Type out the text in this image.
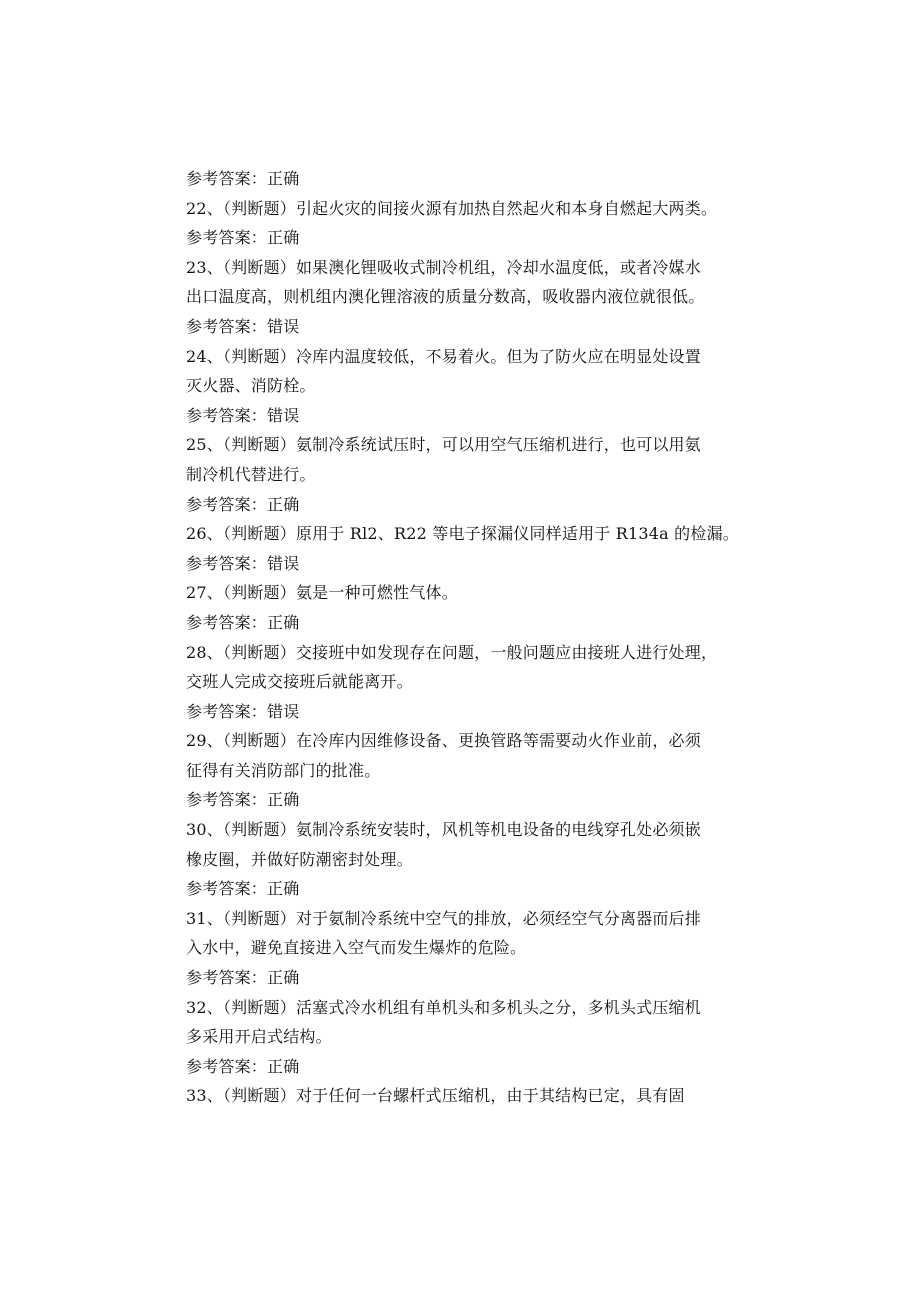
参考答案：正确
22、（判断题）引起火灾的间接火源有加热自然起火和本身自燃起大两类。
参考答案：正确
23、（判断题）如果澳化锂吸收式制冷机组，冷却水温度低，或者冷媒水
出口温度高，则机组内澳化锂溶液的质量分数高，吸收器内液位就很低。
参考答案：错误
24、（判断题）冷库内温度较低，不易着火。但为了防火应在明显处设置
灭火器、消防栓。
参考答案：错误
25、（判断题）氨制冷系统试压时，可以用空气压缩机进行，也可以用氨
制冷机代替进行。
参考答案：正确
26、（判断题）原用于 Rl2、R22 等电子探漏仪同样适用于 R134a 的检漏。
参考答案：错误
27、（判断题）氨是一种可燃性气体。
参考答案：正确
28、（判断题）交接班中如发现存在问题，一般问题应由接班人进行处理，
交班人完成交接班后就能离开。
参考答案：错误
29、（判断题）在冷库内因维修设备、更换管路等需要动火作业前，必须
征得有关消防部门的批准。
参考答案：正确
30、（判断题）氨制冷系统安装时，风机等机电设备的电线穿孔处必须嵌
橡皮圈，并做好防潮密封处理。
参考答案：正确
31、（判断题）对于氨制冷系统中空气的排放，必须经空气分离器而后排
入水中，避免直接进入空气而发生爆炸的危险。
参考答案：正确
32、（判断题）活塞式冷水机组有单机头和多机头之分，多机头式压缩机
多采用开启式结构。
参考答案：正确
33、（判断题）对于任何一台螺杆式压缩机，由于其结构已定，具有固
